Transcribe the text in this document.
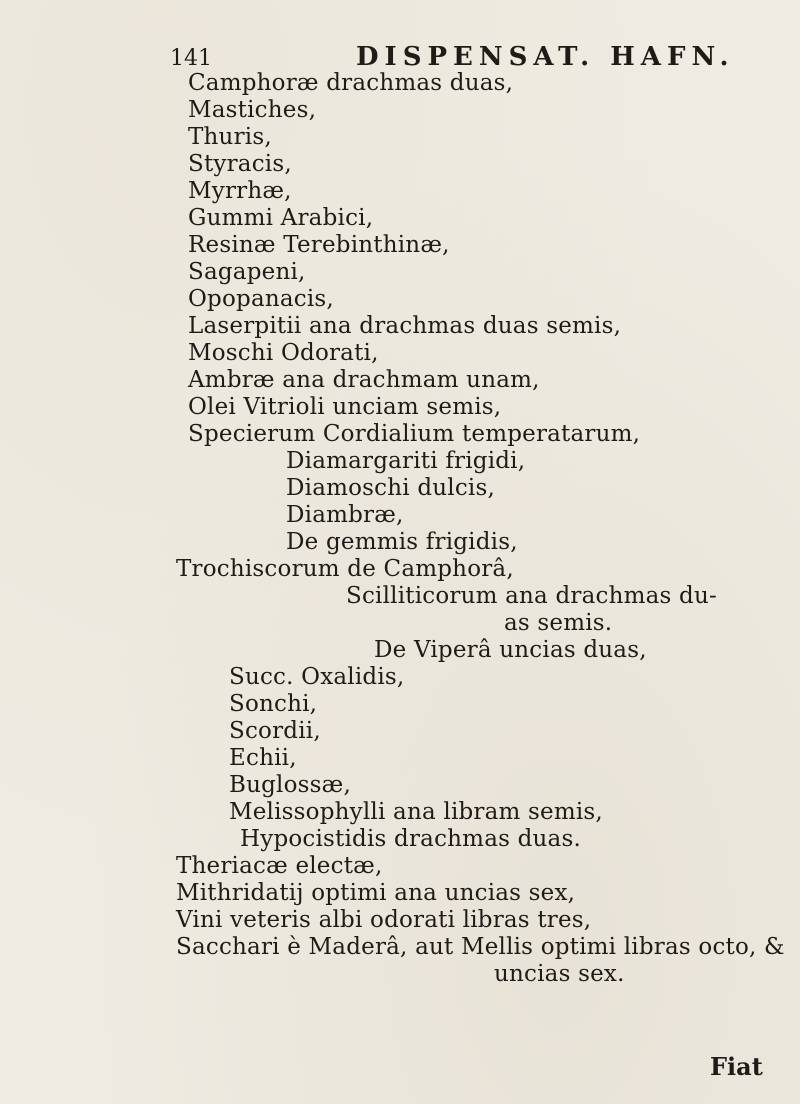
141	DISPENSAT. HAFN.
Camphoræ drachmas duas,
Mastiches,
Thuris,
Styracis,
Myrrhæ,
Gummi Arabici,
Resinæ Terebinthinæ,
Sagapeni,
Opopanacis,
Laserpitii ana drachmas duas semis,
Moschi Odorati,
Ambræ ana drachmam unam,
Olei Vitrioli unciam semis,
Specierum Cordialium temperatarum,
Diamargariti frigidi,
Diamoschi dulcis,
Diambræ,
De gemmis frigidis,
Trochiscorum de Camphorâ,
Scilliticorum ana drachmas du-
as semis.
De Viperâ uncias duas,
Succ. Oxalidis,
Sonchi,
Scordii,
Echii,
Buglossæ,
Melissophylli ana libram semis,
Hypocistidis drachmas duas.
Theriacæ electæ,
Mithridatij optimi ana uncias sex,
Vini veteris albi odorati libras tres,
Sacchari è Maderâ, aut Mellis optimi libras octo, &
uncias sex.
Fiat
